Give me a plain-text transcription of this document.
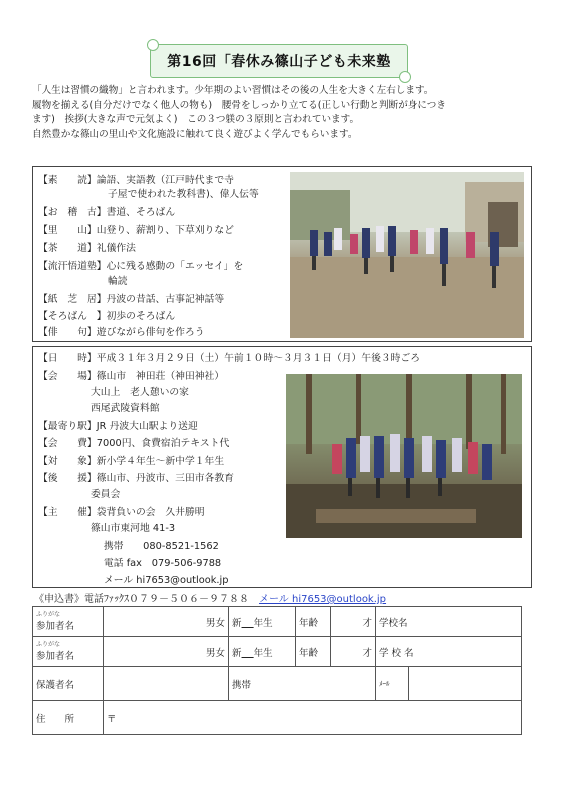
第16回「春休み篠山子ども未来塾
「人生は習慣の織物」と言われます。少年期のよい習慣はその後の人生を大きく左右します。
履物を揃える(自分だけでなく他人の物も)　腰骨をしっかり立てる(正しい行動と判断が身につき
ます)　挨拶(大きな声で元気よく)　この３つ躾の３原則と言われています。
自然豊かな篠山の里山や文化施設に触れて良く遊びよく学んでもらいます。
【素　　読】論語、実語教（江戸時代まで寺
子屋で使われた教科書)、偉人伝等
【お　稽　古】書道、そろばん
【里　　山】山登り、薪割り、下草刈りなど
【茶　　道】礼儀作法
【流汗悟道塾】心に残る感動の「エッセイ」を
輪読
【紙　芝　居】丹波の昔話、古事記神話等
【そろばん　】初歩のそろばん
【俳　　句】遊びながら俳句を作ろう
【日　　時】平成３１年３月２９日（土）午前１０時～３月３１日（月）午後３時ごろ
【会　　場】篠山市　神田荘（神田神社）
大山上　老人憩いの家
西尾武陵資料館
【最寄り駅】JR 丹波大山駅より送迎
【会　　費】7000円、食費宿泊テキスト代
【対　　象】新小学４年生～新中学１年生
【後　　援】篠山市、丹波市、三田市各教育
委員会
【主　　催】袋背負いの会　久井勝明
篠山市東河地 41-3
携帯　　080-8521-1562
電話 fax　079-506-9788
メール hi7653@outlook.jp
《申込書》電話ﾌｧｯｸｽ０７９－５０６－９７８８　 メール hi7653@outlook.jp
ふりがな
参加者名	男女	新 年生	年齢	才	学校名	

ふりがな
参加者名	男女	新 年生	年齢	才	学 校 名	
保護者名		携帯			ﾒｰﾙ	
住　　所	〒					
